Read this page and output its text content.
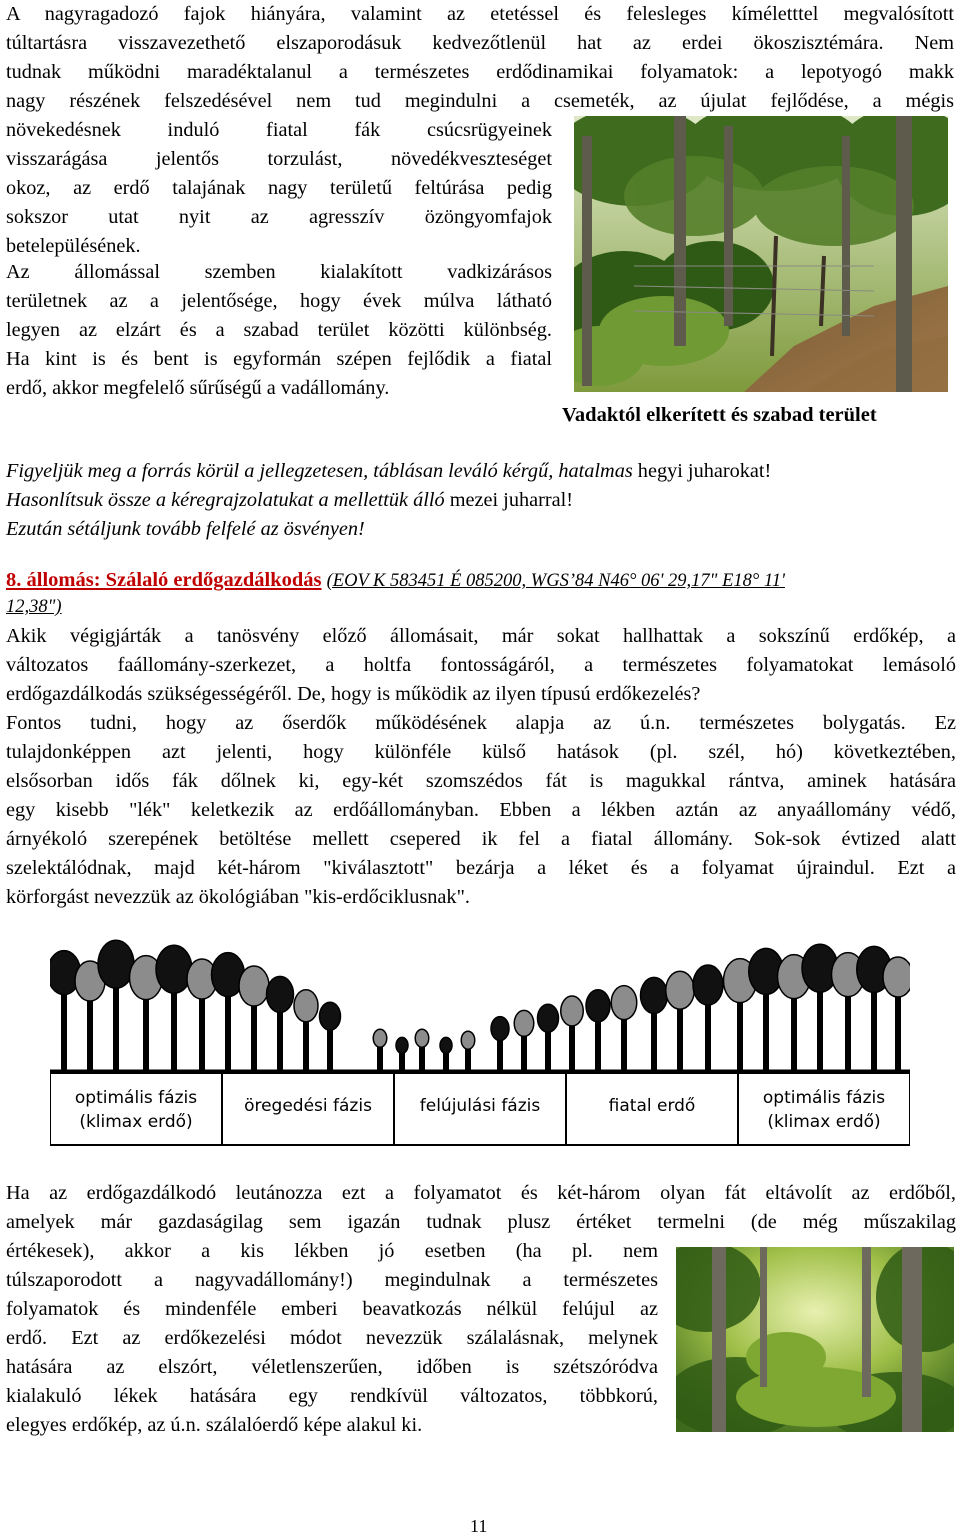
A nagyragadozó fajok hiányára, valamint az etetéssel és felesleges kíméletttel megvalósított
túltartásra visszavezethető elszaporodásuk kedvezőtlenül hat az erdei ökoszisztémára. Nem
tudnak működni maradéktalanul a természetes erdődinamikai folyamatok: a lepotyogó makk
nagy részének felszedésével nem tud megindulni a csemeték, az újulat fejlődése, a mégis
növekedésnek induló fiatal fák csúcsrügyeinek
visszarágása jelentős torzulást, növedékveszteséget
okoz, az erdő talajának nagy területű feltúrása pedig
sokszor utat nyit az agresszív özöngyomfajok
betelepülésének.
Az állomással szemben kialakított vadkizárásos
területnek az a jelentősége, hogy évek múlva látható
legyen az elzárt és a szabad terület közötti különbség.
Ha kint is és bent is egyformán szépen fejlődik a fiatal
erdő, akkor megfelelő sűrűségű a vadállomány.
Vadaktól elkerített és szabad terület
Figyeljük meg a forrás körül a jellegzetesen, táblásan leváló kérgű, hatalmas hegyi juharokat!
Hasonlítsuk össze a kéregrajzolatukat a mellettük álló mezei juharral!
Ezután sétáljunk tovább felfelé az ösvényen!
8. állomás: Szálaló erdőgazdálkodás (EOV K 583451 É 085200, WGS’84 N46° 06' 29,17" E18° 11'
12,38")
Akik végigjárták a tanösvény előző állomásait, már sokat hallhattak a sokszínű erdőkép, a
változatos faállomány-szerkezet, a holtfa fontosságáról, a természetes folyamatokat lemásoló
erdőgazdálkodás szükségességéről. De, hogy is működik az ilyen típusú erdőkezelés?
Fontos tudni, hogy az őserdők működésének alapja az ú.n. természetes bolygatás. Ez
tulajdonképpen azt jelenti, hogy különféle külső hatások (pl. szél, hó) következtében,
elsősorban idős fák dőlnek ki, egy-két szomszédos fát is magukkal rántva, aminek hatására
egy kisebb "lék" keletkezik az erdőállományban. Ebben a lékben aztán az anyaállomány védő,
árnyékoló szerepének betöltése mellett csepered ik fel a fiatal állomány. Sok-sok évtized alatt
szelektálódnak, majd két-három "kiválasztott" bezárja a léket és a folyamat újraindul. Ezt a
körforgást nevezzük az ökológiában "kis-erdőciklusnak".
optimális fázis
(klimax erdő)
öregedési fázis	felújulási fázis	fiatal erdő	optimális fázis
(klimax erdő)
Ha az erdőgazdálkodó leutánozza ezt a folyamatot és két-három olyan fát eltávolít az erdőből,
amelyek már gazdaságilag sem igazán tudnak plusz értéket termelni (de még műszakilag
értékesek), akkor a kis lékben jó esetben (ha pl. nem
túlszaporodott a nagyvadállomány!) megindulnak a természetes
folyamatok és mindenféle emberi beavatkozás nélkül felújul az
erdő. Ezt az erdőkezelési módot nevezzük szálalásnak, melynek
hatására az elszórt, véletlenszerűen, időben is szétszóródva
kialakuló lékek hatására egy rendkívül változatos, többkorú,
elegyes erdőkép, az ú.n. szálalóerdő képe alakul ki.
11
